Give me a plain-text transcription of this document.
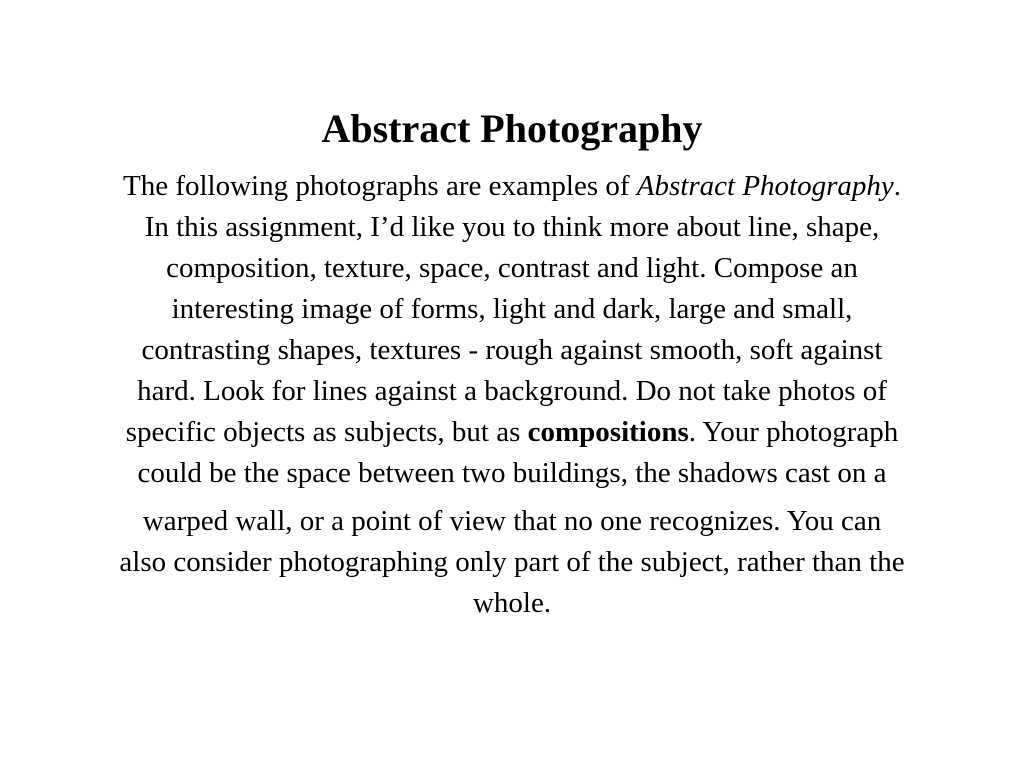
Abstract Photography
The following photographs are examples of Abstract Photography.
In this assignment, I’d like you to think more about line, shape,
composition, texture, space, contrast and light. Compose an
interesting image of forms, light and dark, large and small,
contrasting shapes, textures - rough against smooth, soft against
hard. Look for lines against a background. Do not take photos of
specific objects as subjects, but as compositions. Your photograph
could be the space between two buildings, the shadows cast on a
warped wall, or a point of view that no one recognizes. You can
also consider photographing only part of the subject, rather than the
whole.
